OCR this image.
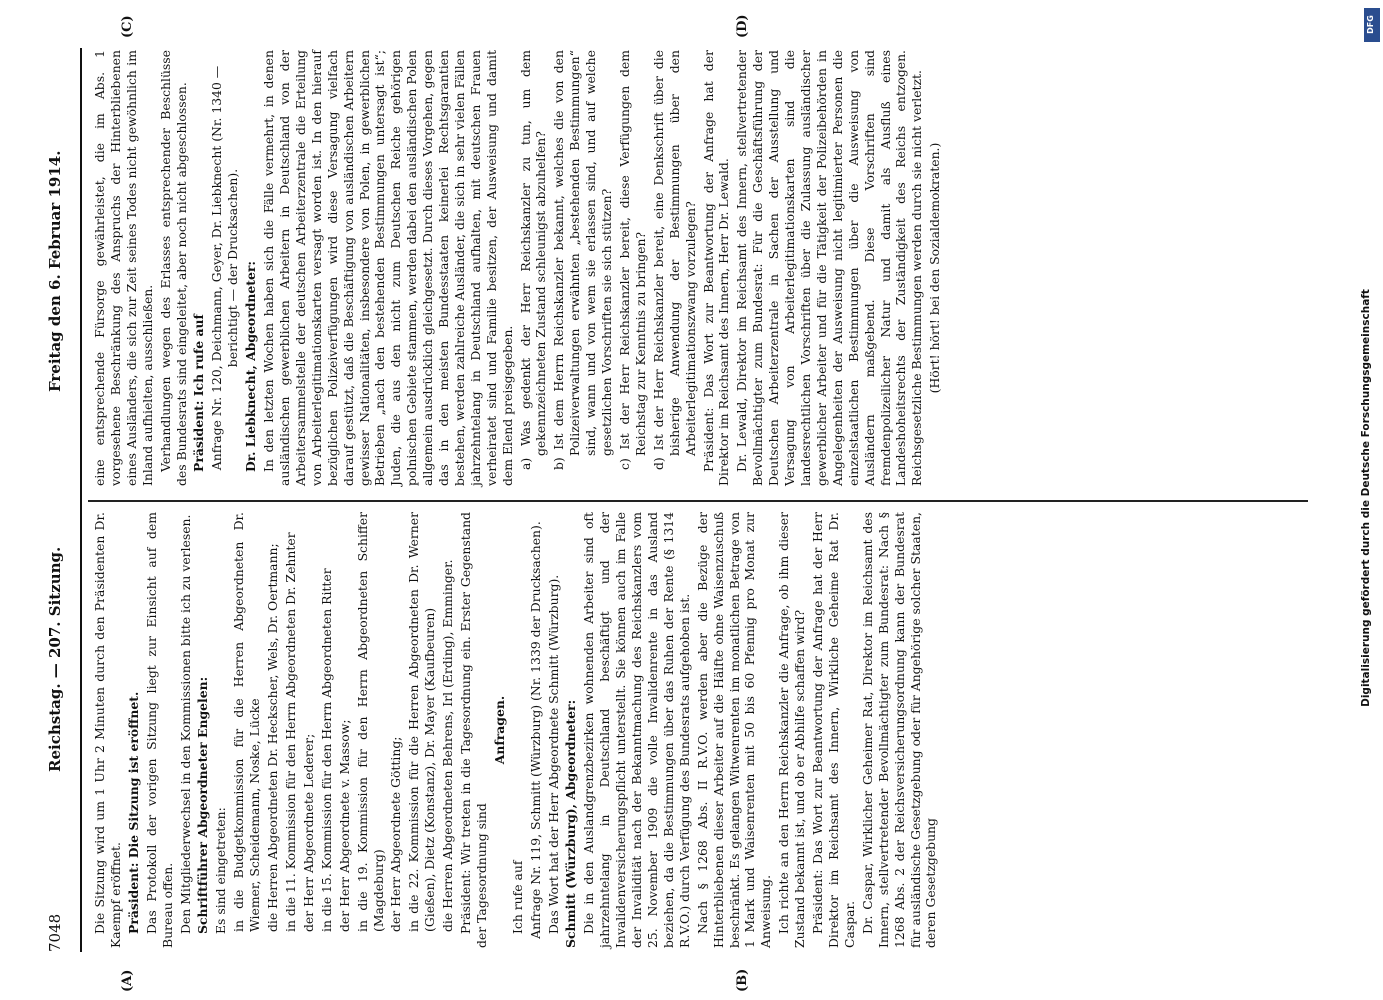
7048
Reichstag. — 207. Sitzung.
Freitag den 6. Februar 1914.
(A)	(B)
(C)	(D)

Die Sitzung wird um 1 Uhr 2 Minuten durch den Präsidenten Dr. Kaempf eröffnet. Präsident: Die Sitzung ist eröffnet. Das Protokoll der vorigen Sitzung liegt zur Einsicht auf dem Bureau offen. Den Mitgliederwechsel in den Kommissionen bitte ich zu verlesen. Schriftführer Abgeordneter Engelen: Es sind eingetreten: in die Budgetkommission für die Herren Abgeordneten Dr. Wiemer, Scheidemann, Noske, Lücke die Herren Abgeordneten Dr. Heckscher, Wels, Dr. Oertmann; in die 11. Kommission für den Herrn Abgeordneten Dr. Zehnter der Herr Abgeordnete Lederer; in die 15. Kommission für den Herrn Abgeordneten Ritter der Herr Abgeordnete v. Massow; in die 19. Kommission für den Herrn Abgeordneten Schiffer (Magdeburg) der Herr Abgeordnete Götting; in die 22. Kommission für die Herren Abgeordneten Dr. Werner (Gießen), Dietz (Konstanz), Dr. Mayer (Kaufbeuren) die Herren Abgeordneten Behrens, Irl (Erding), Emminger. Präsident: Wir treten in die Tagesordnung ein. Erster Gegenstand der Tagesordnung sind

Anfragen.

Ich rufe auf Anfrage Nr. 119, Schmitt (Würzburg) (Nr. 1339 der Drucksachen). Das Wort hat der Herr Abgeordnete Schmitt (Würzburg). Schmitt (Würzburg), Abgeordneter: Die in den Auslandgrenzbezirken wohnenden Arbeiter sind oft jahrzehntelang in Deutschland beschäftigt und der Invalidenversicherungspflicht unterstellt. Sie können auch im Falle der Invalidität nach der Bekanntmachung des Reichskanzlers vom 25. November 1909 die volle Invalidenrente in das Ausland beziehen, da die Bestimmungen über das Ruhen der Rente (§ 1314 R.V.O.) durch Verfügung des Bundesrats aufgehoben ist. Nach § 1268 Abs. II R.V.O. werden aber die Bezüge der Hinterbliebenen dieser Arbeiter auf die Hälfte ohne Waisenzuschuß beschränkt. Es gelangen Witwenrenten im monatlichen Betrage von 1 Mark und Waisenrenten mit 50 bis 60 Pfennig pro Monat zur Anweisung. Ich richte an den Herrn Reichskanzler die Anfrage, ob ihm dieser Zustand bekannt ist, und ob er Abhilfe schaffen wird? Präsident: Das Wort zur Beantwortung der Anfrage hat der Herr Direktor im Reichsamt des Innern, Wirkliche Geheime Rat Dr. Caspar. Dr. Caspar, Wirklicher Geheimer Rat, Direktor im Reichsamt des Innern, stellvertretender Bevollmächtigter zum Bundesrat: Nach § 1268 Abs. 2 der Reichsversicherungsordnung kann der Bundesrat für ausländische Gesetzgebung oder für Angehörige solcher Staaten, deren Gesetzgebung

eine entsprechende Fürsorge gewährleistet, die im Abs. 1 vorgesehene Beschränkung des Anspruchs der Hinterbliebenen eines Ausländers, die sich zur Zeit seines Todes nicht gewöhnlich im Inland aufhielten, ausschließen. Verhandlungen wegen des Erlasses entsprechender Beschlüsse des Bundesrats sind eingeleitet, aber noch nicht abgeschlossen. Präsident: Ich rufe auf Anfrage Nr. 120, Deichmann, Geyer, Dr. Liebknecht (Nr. 1340 — berichtigt — der Drucksachen). Dr. Liebknecht, Abgeordneter: In den letzten Wochen haben sich die Fälle vermehrt, in denen ausländischen gewerblichen Arbeitern in Deutschland von der Arbeitersammelstelle der deutschen Arbeiterzentrale die Erteilung von Arbeiterlegitimationskarten versagt worden ist. In den hierauf bezüglichen Polizeiverfügungen wird diese Versagung vielfach darauf gestützt, daß die Beschäftigung von ausländischen Arbeitern gewisser Nationalitäten, insbesondere von Polen, in gewerblichen Betrieben „nach den bestehenden Bestimmungen untersagt ist“; Juden, die aus den nicht zum Deutschen Reiche gehörigen polnischen Gebiete stammen, werden dabei den ausländischen Polen allgemein ausdrücklich gleichgesetzt. Durch dieses Vorgehen, gegen das in den meisten Bundesstaaten keinerlei Rechtsgarantien bestehen, werden zahlreiche Ausländer, die sich in sehr vielen Fällen jahrzehntelang in Deutschland aufhalten, mit deutschen Frauen verheiratet sind und Familie besitzen, der Ausweisung und damit dem Elend preisgegeben. a) Was gedenkt der Herr Reichskanzler zu tun, um dem gekennzeichneten Zustand schleunigst abzuhelfen? b) Ist dem Herrn Reichskanzler bekannt, welches die von den Polizeiverwaltungen erwähnten „bestehenden Bestimmungen“ sind, wann und von wem sie erlassen sind, und auf welche gesetzlichen Vorschriften sie sich stützen? c) Ist der Herr Reichskanzler bereit, diese Verfügungen dem Reichstag zur Kenntnis zu bringen? d) Ist der Herr Reichskanzler bereit, eine Denkschrift über die bisherige Anwendung der Bestimmungen über den Arbeiterlegitimationszwang vorzulegen? Präsident: Das Wort zur Beantwortung der Anfrage hat der Direktor im Reichsamt des Innern, Herr Dr. Lewald. Dr. Lewald, Direktor im Reichsamt des Innern, stellvertretender Bevollmächtigter zum Bundesrat: Für die Geschäftsführung der Deutschen Arbeiterzentrale in Sachen der Ausstellung und Versagung von Arbeiterlegitimationskarten sind die landesrechtlichen Vorschriften über die Zulassung ausländischer gewerblicher Arbeiter und für die Tätigkeit der Polizeibehörden in Angelegenheiten der Ausweisung nicht legitimierter Personen die einzelstaatlichen Bestimmungen über die Ausweisung von Ausländern maßgebend. Diese Vorschriften sind fremdenpolizeilicher Natur und damit als Ausfluß eines Landeshoheitsrechts der Zuständigkeit des Reichs entzogen. Reichsgesetzliche Bestimmungen werden durch sie nicht verletzt. (Hört! hört! bei den Sozialdemokraten.)

DFG
Digitalisierung gefördert durch die Deutsche Forschungsgemeinschaft
